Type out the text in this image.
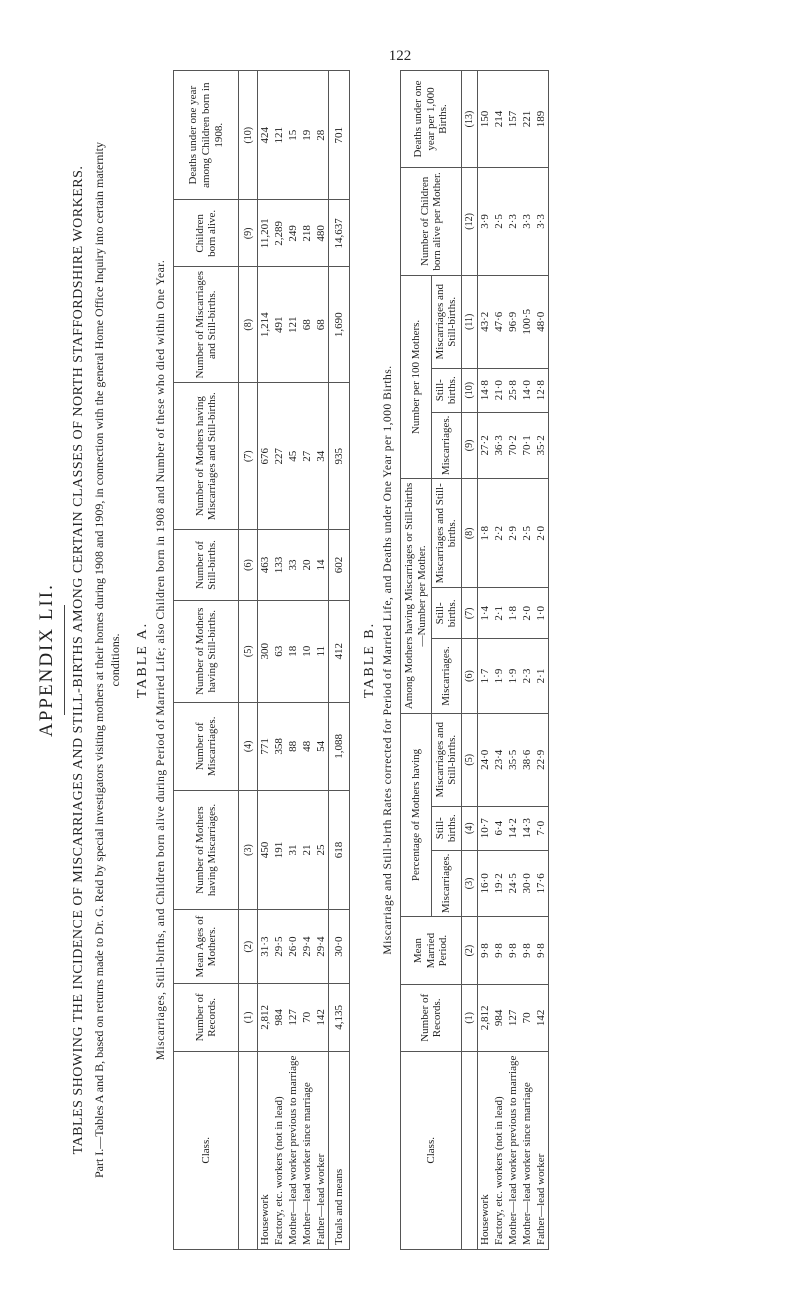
122
APPENDIX LII. TABLES SHOWING THE INCIDENCE OF MISCARRIAGES AND STILL-BIRTHS AMONG CERTAIN CLASSES OF NORTH STAFFORDSHIRE WORKERS. Part I.—Tables A and B, based on returns made to Dr. G. Reid by special investigators visiting mothers at their homes during 1908 and 1909, in connection with the general Home Office Inquiry into certain maternity conditions. TABLE A. Miscarriages, Still-births, and Children born alive during Period of Married Life; also Children born in 1908 and Number of these who died within One Year.
Class.	Number of Records.	Mean Ages of Mothers.	Number of Mothers having Miscarriages.	Number of Miscarriages.	Number of Mothers having Still-births.	Number of Still-births.	Number of Mothers having Miscarriages and Still-births.	Number of Miscarriages and Still-births.	Children born alive.	Deaths under one year among Children born in 1908.
	(1)	(2)	(3)	(4)	(5)	(6)	(7)	(8)	(9)	(10)
Housework	2,812	31·3	450	771	300	463	676	1,214	11,201	424
Factory, etc. workers (not in lead)	984	29·5	191	358	63	133	227	491	2,289	121
Mother—lead worker previous to marriage	127	26·0	31	88	18	33	45	121	249	15
Mother—lead worker since marriage	70	29·4	21	48	10	20	27	68	218	19
Father—lead worker	142	29·4	25	54	11	14	34	68	480	28
Totals and means	4,135	30·0	618	1,088	412	602	935	1,690	14,637	701
TABLE B. Miscarriage and Still-birth Rates corrected for Period of Married Life, and Deaths under One Year per 1,000 Births.
Class.	Number of Records.	Mean Married Period.	Percentage of Mothers having			Among Mothers having Miscarriages or Still-births—Number per Mother.			Number per 100 Mothers.			Number of Children born alive per Mother.	Deaths under one year per 1,000 Births.
			Miscarriages.	Still-births.	Miscarriages and Still-births.	Miscarriages.	Still-births.	Miscarriages and Still-births.	Miscarriages.	Still-births.	Miscarriages and Still-births.		
	(1)	(2)	(3)	(4)	(5)	(6)	(7)	(8)	(9)	(10)	(11)	(12)	(13)
Housework	2,812	9·8	16·0	10·7	24·0	1·7	1·4	1·8	27·2	14·8	43·2	3·9	150
Factory, etc. workers (not in lead)	984	9·8	19·2	6·4	23·4	1·9	2·1	2·2	36·3	21·0	47·6	2·5	214
Mother—lead worker previous to marriage	127	9·8	24·5	14·2	35·5	1·9	1·8	2·9	70·2	25·8	96·9	2·3	157
Mother—lead worker since marriage	70	9·8	30·0	14·3	38·6	2·3	2·0	2·5	70·1	14·0	100·5	3·3	221
Father—lead worker	142	9·8	17·6	7·0	22·9	2·1	1·0	2·0	35·2	12·8	48·0	3·3	189
